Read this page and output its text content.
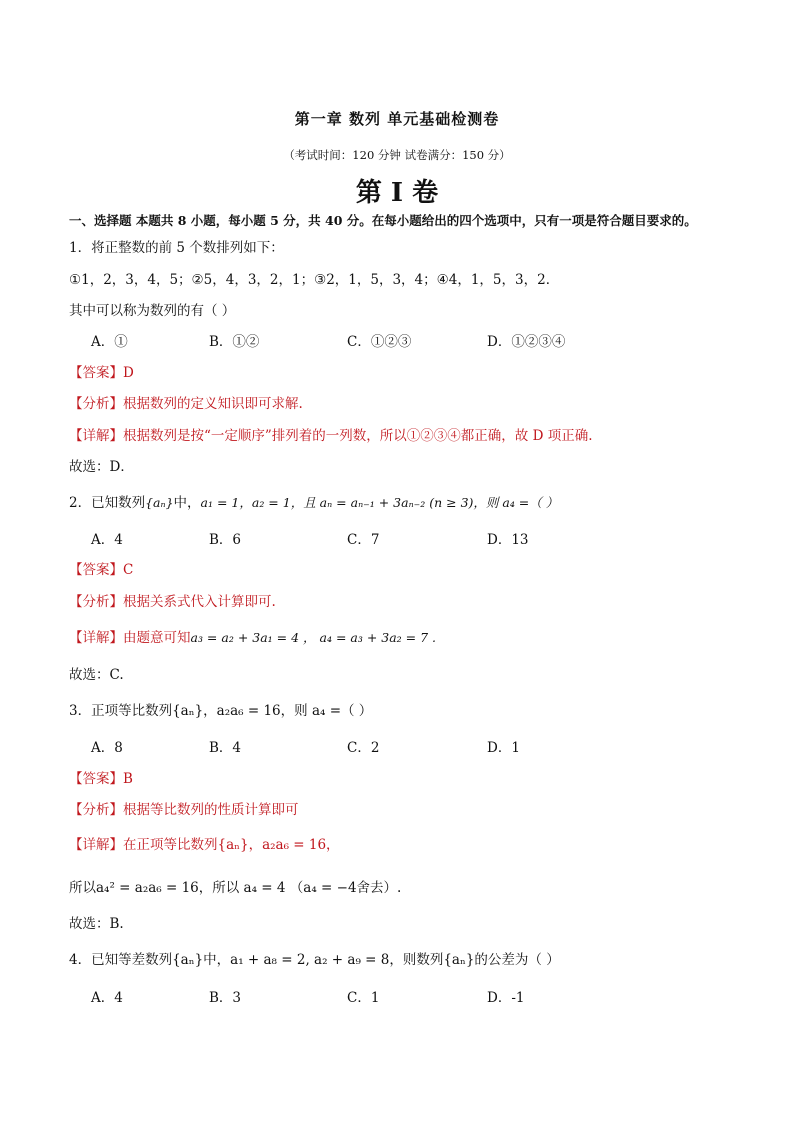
第一章 数列 单元基础检测卷
（考试时间：120 分钟 试卷满分：150 分）
第 I 卷
一、选择题 本题共 8 小题，每小题 5 分，共 40 分。在每小题给出的四个选项中，只有一项是符合题目要求的。
1．将正整数的前 5 个数排列如下：
①1，2，3，4，5；②5，4，3，2，1；③2，1，5，3，4；④4，1，5，3，2．
其中可以称为数列的有（ ）
A．①	B．①②	C．①②③	D．①②③④
【答案】D
【分析】根据数列的定义知识即可求解.
【详解】根据数列是按“一定顺序”排列着的一列数，所以①②③④都正确，故 D 项正确.
故选：D．
2．已知数列{aₙ}中，a₁ = 1，a₂ = 1，且 aₙ = aₙ₋₁ + 3aₙ₋₂ (n ≥ 3)，则 a₄ =（ ）
A．4	B．6	C．7	D．13
【答案】C
【分析】根据关系式代入计算即可.
【详解】由题意可知a₃ = a₂ + 3a₁ = 4 ， a₄ = a₃ + 3a₂ = 7 .
故选：C.
3．正项等比数列{aₙ}，a₂a₆ = 16，则 a₄ =（ ）
A．8	B．4	C．2	D．1
【答案】B
【分析】根据等比数列的性质计算即可
【详解】在正项等比数列{aₙ}，a₂a₆ = 16，
所以a₄² = a₂a₆ = 16，所以 a₄ = 4 （a₄ = −4舍去）.
故选：B.
4．已知等差数列{aₙ}中，a₁ + a₈ = 2, a₂ + a₉ = 8，则数列{aₙ}的公差为（ ）
A．4	B．3	C．1	D．-1
